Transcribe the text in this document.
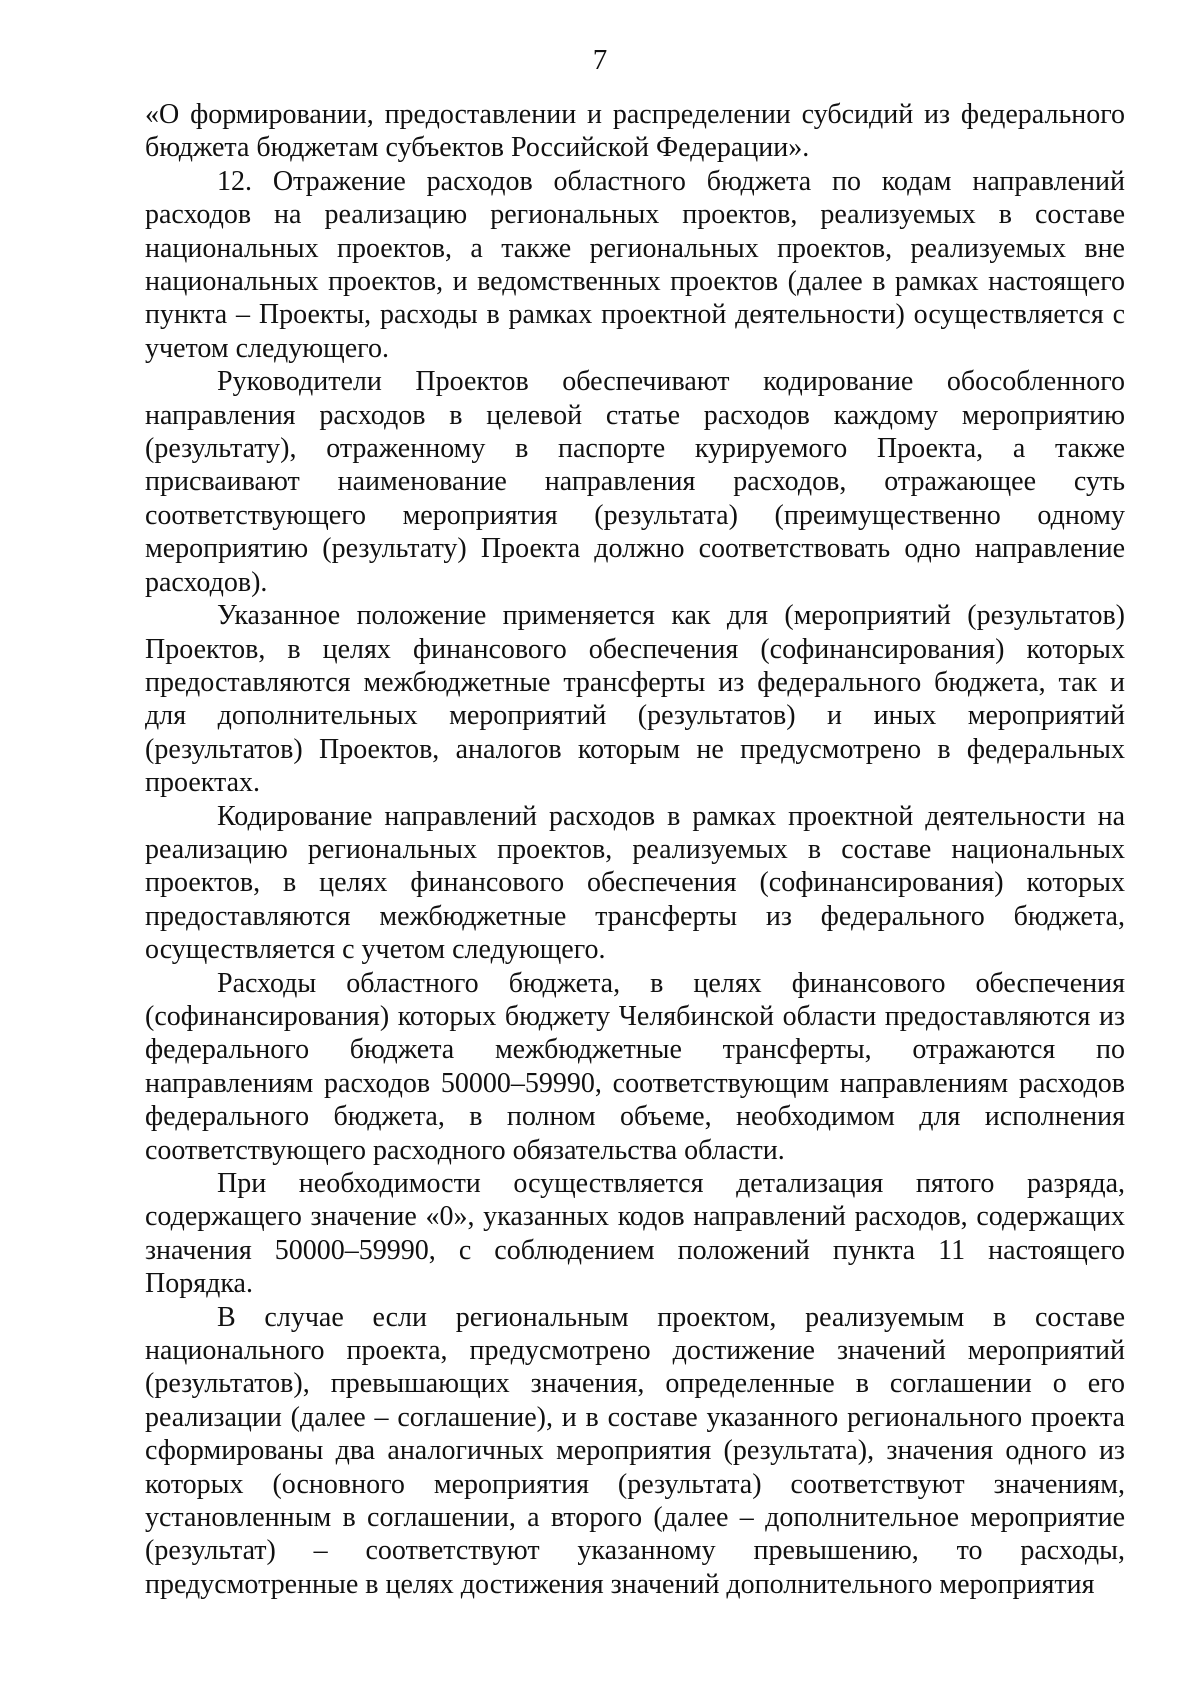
7

«О формировании, предоставлении и распределении субсидий из федерального бюджета бюджетам субъектов Российской Федерации».

12. Отражение расходов областного бюджета по кодам направлений расходов на реализацию региональных проектов, реализуемых в составе национальных проектов, а также региональных проектов, реализуемых вне национальных проектов, и ведомственных проектов (далее в рамках настоящего пункта – Проекты, расходы в рамках проектной деятельности) осуществляется с учетом следующего.

Руководители Проектов обеспечивают кодирование обособленного направления расходов в целевой статье расходов каждому мероприятию (результату), отраженному в паспорте курируемого Проекта, а также присваивают наименование направления расходов, отражающее суть соответствующего мероприятия (результата) (преимущественно одному мероприятию (результату) Проекта должно соответствовать одно направление расходов).

Указанное положение применяется как для (мероприятий (результатов) Проектов, в целях финансового обеспечения (софинансирования) которых предоставляются межбюджетные трансферты из федерального бюджета, так и для дополнительных мероприятий (результатов) и иных мероприятий (результатов) Проектов, аналогов которым не предусмотрено в федеральных проектах.

Кодирование направлений расходов в рамках проектной деятельности на реализацию региональных проектов, реализуемых в составе национальных проектов, в целях финансового обеспечения (софинансирования) которых предоставляются межбюджетные трансферты из федерального бюджета, осуществляется с учетом следующего.

Расходы областного бюджета, в целях финансового обеспечения (софинансирования) которых бюджету Челябинской области предоставляются из федерального бюджета межбюджетные трансферты, отражаются по направлениям расходов 50000–59990, соответствующим направлениям расходов федерального бюджета, в полном объеме, необходимом для исполнения соответствующего расходного обязательства области.

При необходимости осуществляется детализация пятого разряда, содержащего значение «0», указанных кодов направлений расходов, содержащих значения 50000–59990, с соблюдением положений пункта 11 настоящего Порядка.

В случае если региональным проектом, реализуемым в составе национального проекта, предусмотрено достижение значений мероприятий (результатов), превышающих значения, определенные в соглашении о его реализации (далее – соглашение), и в составе указанного регионального проекта сформированы два аналогичных мероприятия (результата), значения одного из которых (основного мероприятия (результата) соответствуют значениям, установленным в соглашении, а второго (далее – дополнительное мероприятие (результат) – соответствуют указанному превышению, то расходы, предусмотренные в целях достижения значений дополнительного мероприятия
